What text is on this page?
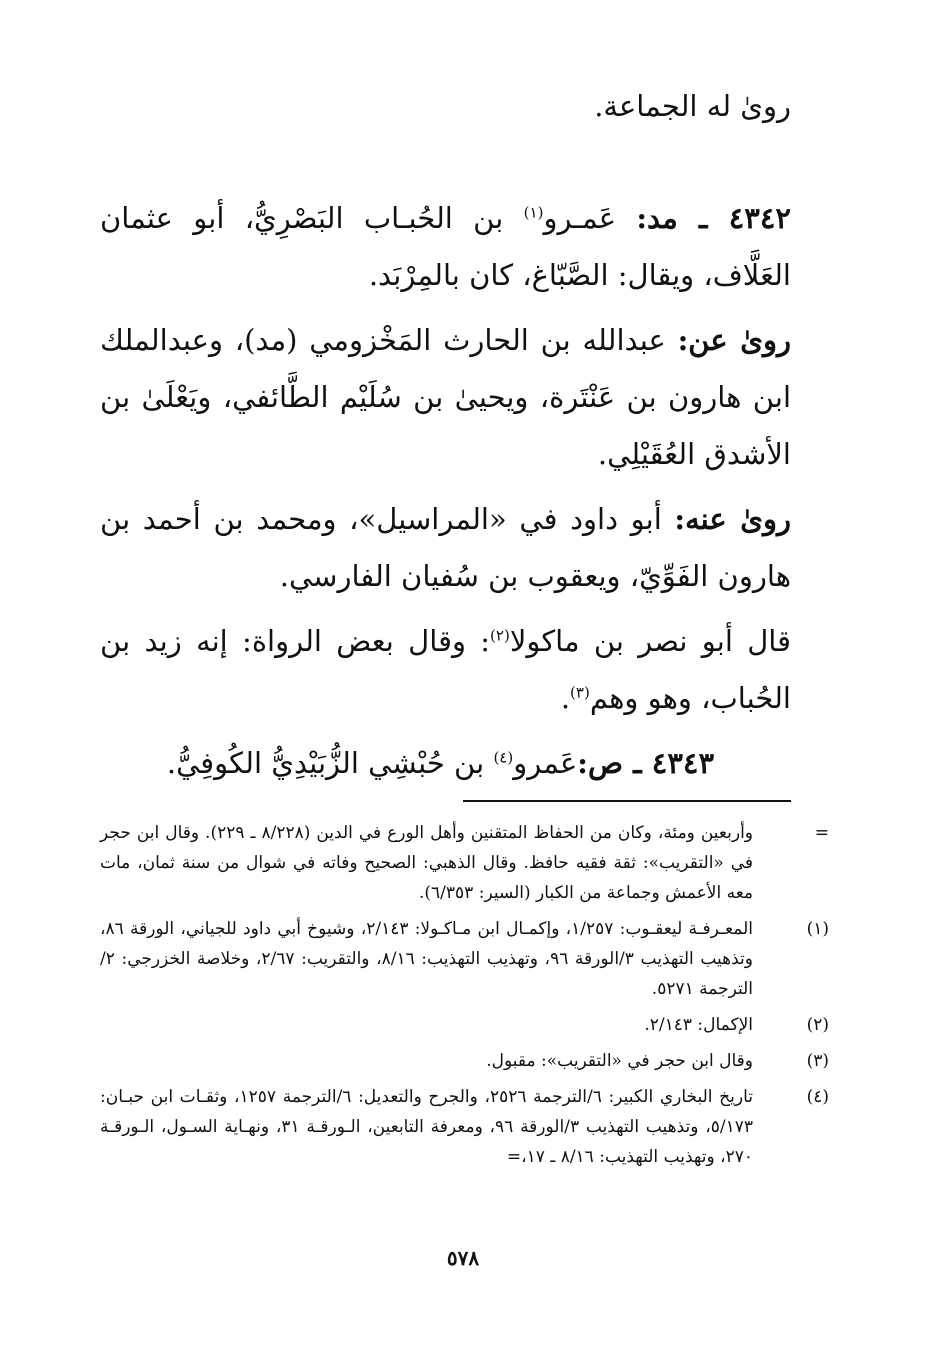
روىٰ له الجماعة.

٤٣٤٢ ـ مد: عَمـرو$^{(١)}$ بن الحُبـاب البَصْرِيُّ، أبو عثمان العَلَّاف، ويقال: الصَّبّاغ، كان بالمِرْبَد.

روىٰ عن: عبدالله بن الحارث المَخْزومي (مد)، وعبدالملك ابن هارون بن عَنْتَرة، ويحيىٰ بن سُلَيْم الطَّائفي، ويَعْلَىٰ بن الأشدق العُقَيْلِي.

روىٰ عنه: أبو داود في «المراسيل»، ومحمد بن أحمد بن هارون الفَوِّيّ، ويعقوب بن سُفيان الفارسي.

قال أبو نصر بن ماكولا$^{(٢)}$: وقال بعض الرواة: إنه زيد بن الحُباب، وهو وهم$^{(٣)}$.

٤٣٤٣ ـ ص:عَمرو$^{(٤)}$ بن حُبْشِي الزُّبَيْدِيُّ الكُوفِيُّ.

=
وأربعين ومئة، وكان من الحفاظ المتقنين وأهل الورع في الدين (٨/٢٢٨ ـ ٢٢٩). وقال ابن حجر في «التقريب»: ثقة فقيه حافظ. وقال الذهبي: الصحيح وفاته في شوال من سنة ثمان، مات معه الأعمش وجماعة من الكبار (السير: ٦/٣٥٣).
(١)
المعـرفـة ليعقـوب: ١/٢٥٧، وإكمـال ابن مـاكـولا: ٢/١٤٣، وشيوخ أبي داود للجياني، الورقة ٨٦، وتذهيب التهذيب ٣/الورقة ٩٦، وتهذيب التهذيب: ٨/١٦، والتقريب: ٢/٦٧، وخلاصة الخزرجي: ٢/الترجمة ٥٢٧١.
(٢)
الإكمال: ٢/١٤٣.
(٣)
وقال ابن حجر في «التقريب»: مقبول.
(٤)
تاريخ البخاري الكبير: ٦/الترجمة ٢٥٢٦، والجرح والتعديل: ٦/الترجمة ١٢٥٧، وثقـات ابن حبـان: ٥/١٧٣، وتذهيب التهذيب ٣/الورقة ٩٦، ومعرفة التابعين، الـورقـة ٣١، ونهـاية السـول، الـورقـة ٢٧٠، وتهذيب التهذيب: ٨/١٦ ـ ١٧،=
٥٧٨
